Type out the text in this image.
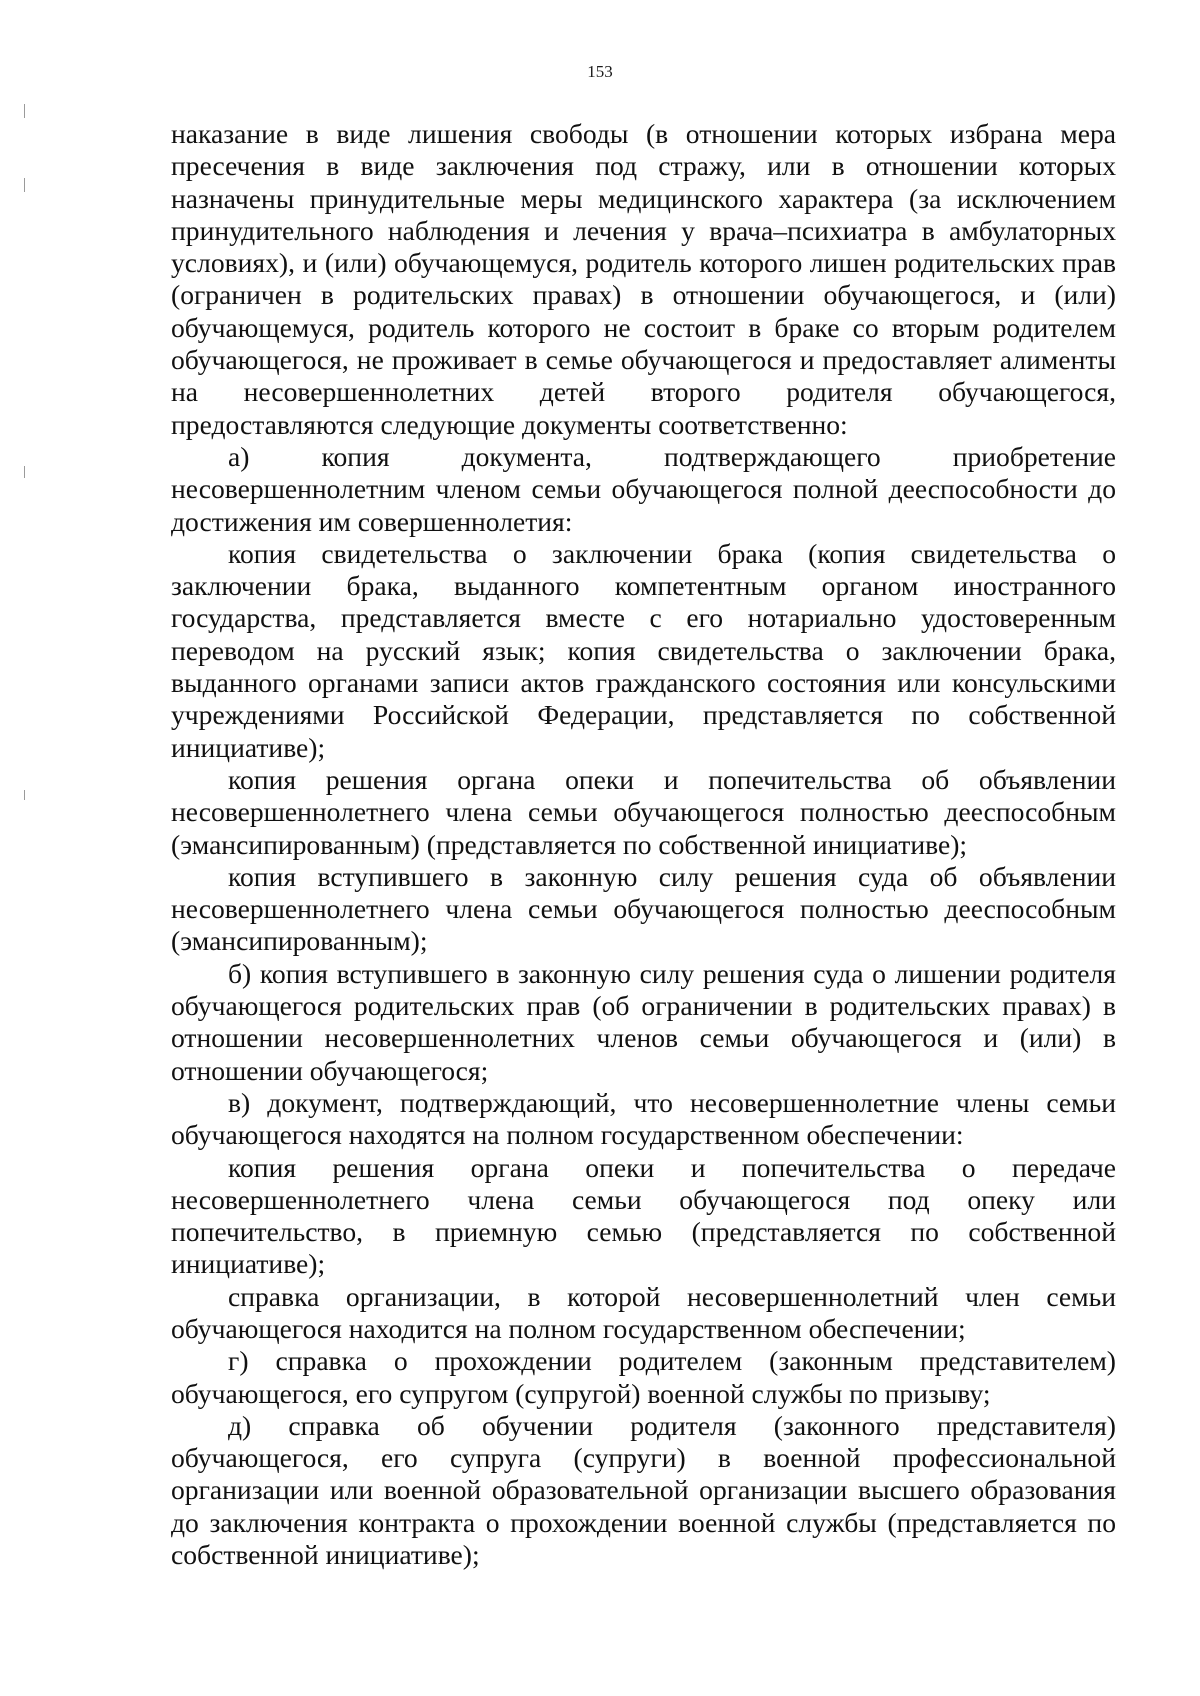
153

наказание в виде лишения свободы (в отношении которых избрана мера пресечения в виде заключения под стражу, или в отношении которых назначены принудительные меры медицинского характера (за исключением принудительного наблюдения и лечения у врача–психиатра в амбулаторных условиях), и (или) обучающемуся, родитель которого лишен родительских прав (ограничен в родительских правах) в отношении обучающегося, и (или) обучающемуся, родитель которого не состоит в браке со вторым родителем обучающегося, не проживает в семье обучающегося и предоставляет алименты на несовершеннолетних детей второго родителя обучающегося, предоставляются следующие документы соответственно:

а) копия документа, подтверждающего приобретение несовершеннолетним членом семьи обучающегося полной дееспособности до достижения им совершеннолетия:

копия свидетельства о заключении брака (копия свидетельства о заключении брака, выданного компетентным органом иностранного государства, представляется вместе с его нотариально удостоверенным переводом на русский язык; копия свидетельства о заключении брака, выданного органами записи актов гражданского состояния или консульскими учреждениями Российской Федерации, представляется по собственной инициативе);

копия решения органа опеки и попечительства об объявлении несовершеннолетнего члена семьи обучающегося полностью дееспособным (эмансипированным) (представляется по собственной инициативе);

копия вступившего в законную силу решения суда об объявлении несовершеннолетнего члена семьи обучающегося полностью дееспособным (эмансипированным);

б) копия вступившего в законную силу решения суда о лишении родителя обучающегося родительских прав (об ограничении в родительских правах) в отношении несовершеннолетних членов семьи обучающегося и (или) в отношении обучающегося;

в) документ, подтверждающий, что несовершеннолетние члены семьи обучающегося находятся на полном государственном обеспечении:

копия решения органа опеки и попечительства о передаче несовершеннолетнего члена семьи обучающегося под опеку или попечительство, в приемную семью (представляется по собственной инициативе);

справка организации, в которой несовершеннолетний член семьи обучающегося находится на полном государственном обеспечении;

г) справка о прохождении родителем (законным представителем) обучающегося, его супругом (супругой) военной службы по призыву;

д) справка об обучении родителя (законного представителя) обучающегося, его супруга (супруги) в военной профессиональной организации или военной образовательной организации высшего образования до заключения контракта о прохождении военной службы (представляется по собственной инициативе);
